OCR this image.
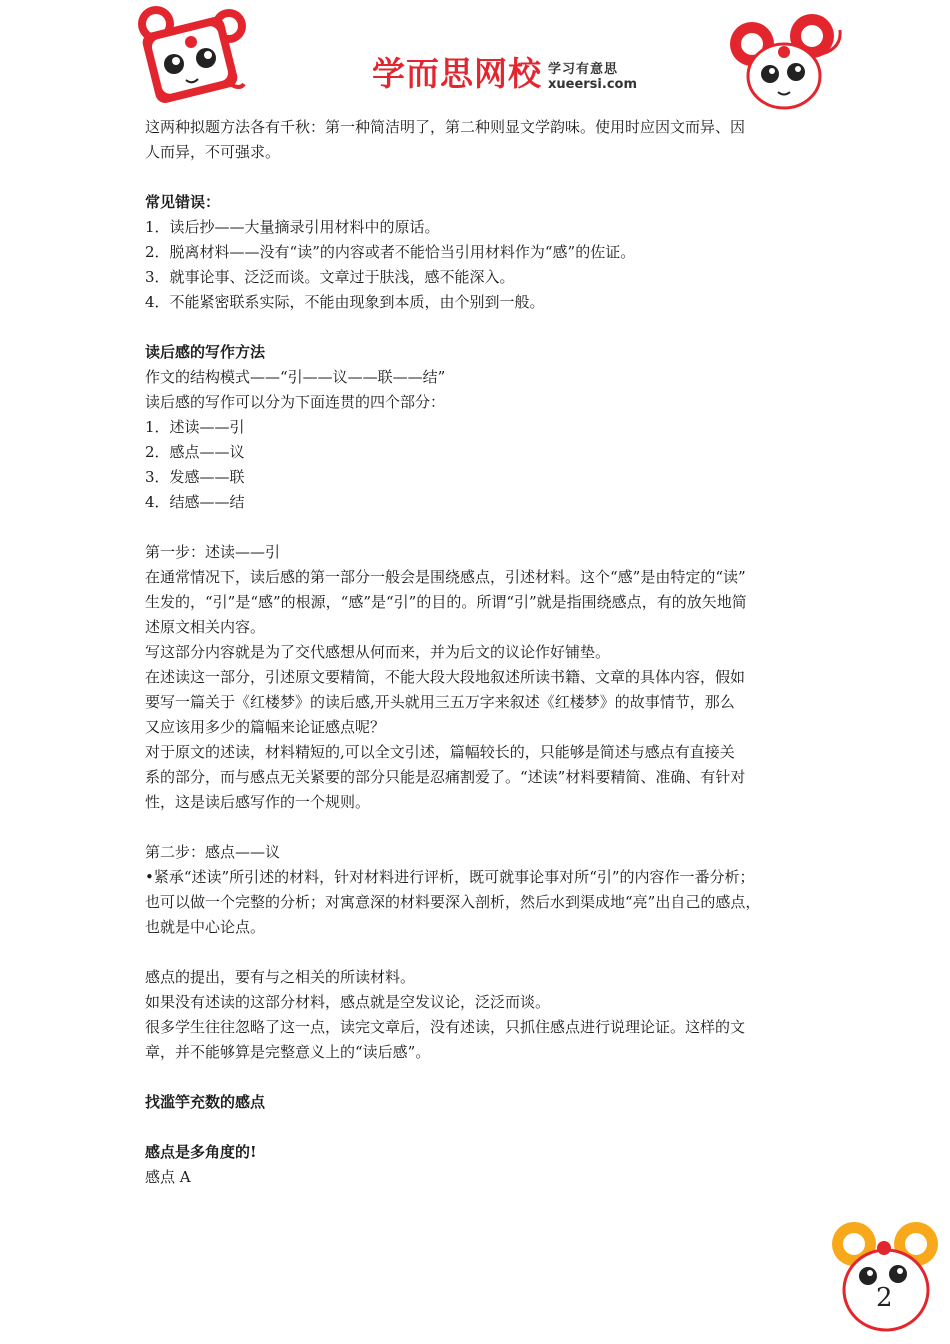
学而思网校 学习有意思
xueersi.com

这两种拟题方法各有千秋：第一种简洁明了，第二种则显文学韵味。使用时应因文而异、因

人而异，不可强求。

常见错误：

1．读后抄——大量摘录引用材料中的原话。

2．脱离材料——没有“读”的内容或者不能恰当引用材料作为“感”的佐证。

3．就事论事、泛泛而谈。文章过于肤浅，感不能深入。

4．不能紧密联系实际，不能由现象到本质，由个别到一般。

读后感的写作方法

作文的结构模式——“引——议——联——结”

读后感的写作可以分为下面连贯的四个部分：

1．述读——引

2．感点——议

3．发感——联

4．结感——结

第一步：述读——引

在通常情况下，读后感的第一部分一般会是围绕感点，引述材料。这个“感”是由特定的“读”

生发的，“引”是“感”的根源，“感”是“引”的目的。所谓“引”就是指围绕感点，有的放矢地简

述原文相关内容。

写这部分内容就是为了交代感想从何而来，并为后文的议论作好铺垫。

在述读这一部分，引述原文要精简，不能大段大段地叙述所读书籍、文章的具体内容，假如

要写一篇关于《红楼梦》的读后感,开头就用三五万字来叙述《红楼梦》的故事情节，那么

又应该用多少的篇幅来论证感点呢？

对于原文的述读，材料精短的,可以全文引述，篇幅较长的，只能够是简述与感点有直接关

系的部分，而与感点无关紧要的部分只能是忍痛割爱了。“述读”材料要精简、准确、有针对

性，这是读后感写作的一个规则。

第二步：感点——议

•紧承“述读”所引述的材料，针对材料进行评析，既可就事论事对所“引”的内容作一番分析；

也可以做一个完整的分析；对寓意深的材料要深入剖析，然后水到渠成地“亮”出自己的感点，

也就是中心论点。

感点的提出，要有与之相关的所读材料。

如果没有述读的这部分材料，感点就是空发议论，泛泛而谈。

很多学生往往忽略了这一点，读完文章后，没有述读，只抓住感点进行说理论证。这样的文

章，并不能够算是完整意义上的“读后感”。

找滥竽充数的感点

感点是多角度的!

感点 A

2
